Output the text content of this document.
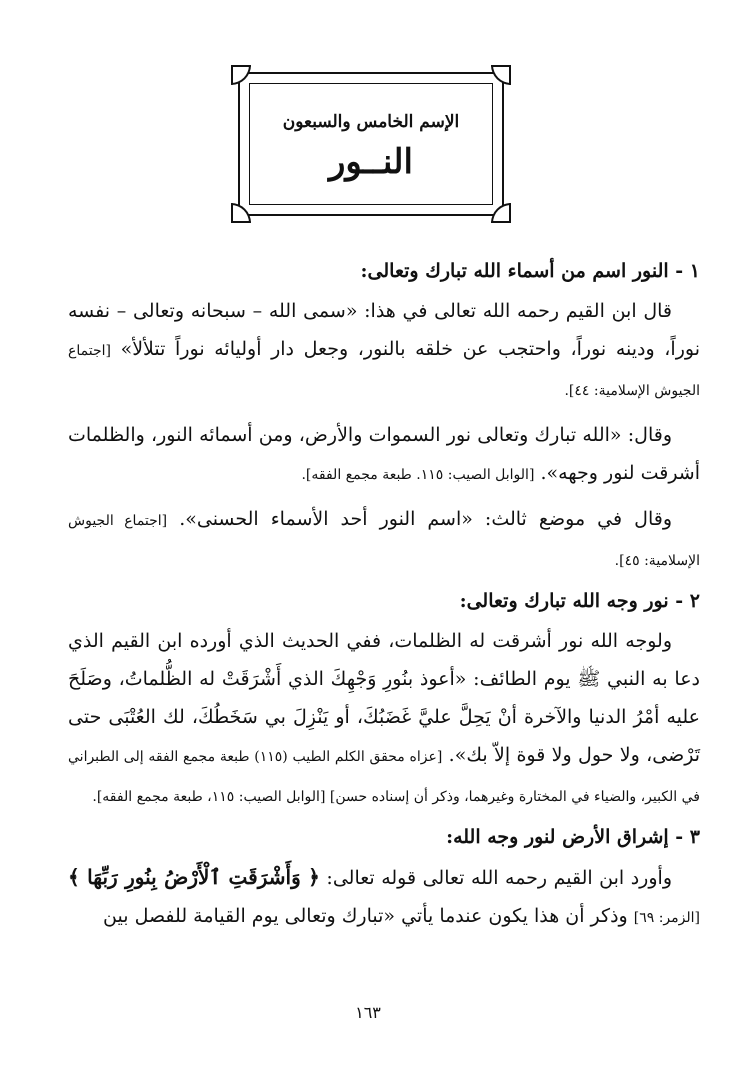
الإسم الخامس والسبعون
النــور
١ - النور اسم من أسماء الله تبارك وتعالى:

قال ابن القيم رحمه الله تعالى في هذا: «سمى الله – سبحانه وتعالى – نفسه نوراً، ودينه نوراً، واحتجب عن خلقه بالنور، وجعل دار أوليائه نوراً تتلألأ» [اجتماع الجيوش الإسلامية: ٤٤].

وقال: «الله تبارك وتعالى نور السموات والأرض، ومن أسمائه النور، والظلمات أشرقت لنور وجهه». [الوابل الصيب: ١١٥. طبعة مجمع الفقه].

وقال في موضع ثالث: «اسم النور أحد الأسماء الحسنى». [اجتماع الجيوش الإسلامية: ٤٥].

٢ - نور وجه الله تبارك وتعالى:

ولوجه الله نور أشرقت له الظلمات، ففي الحديث الذي أورده ابن القيم الذي دعا به النبي ﷺ يوم الطائف: «أعوذ بنُورِ وَجْهِكَ الذي أَشْرَقَتْ له الظُّلماتُ، وصَلَحَ عليه أمْرُ الدنيا والآخرة أنْ يَحِلَّ عليَّ غَضَبُكَ، أو يَنْزِلَ بي سَخَطُكَ، لك العُتْبَى حتى تَرْضى، ولا حول ولا قوة إلاّ بك». [عزاه محقق الكلم الطيب (١١٥) طبعة مجمع الفقه إلى الطبراني في الكبير، والضياء في المختارة وغيرهما، وذكر أن إسناده حسن] [الوابل الصيب: ١١٥، طبعة مجمع الفقه].

٣ - إشراق الأرض لنور وجه الله:

وأورد ابن القيم رحمه الله تعالى قوله تعالى: ﴿ وَأَشْرَقَتِ ٱلْأَرْضُ بِنُورِ رَبِّهَا ﴾ [الزمر: ٦٩] وذكر أن هذا يكون عندما يأتي «تبارك وتعالى يوم القيامة للفصل بين

١٦٣
